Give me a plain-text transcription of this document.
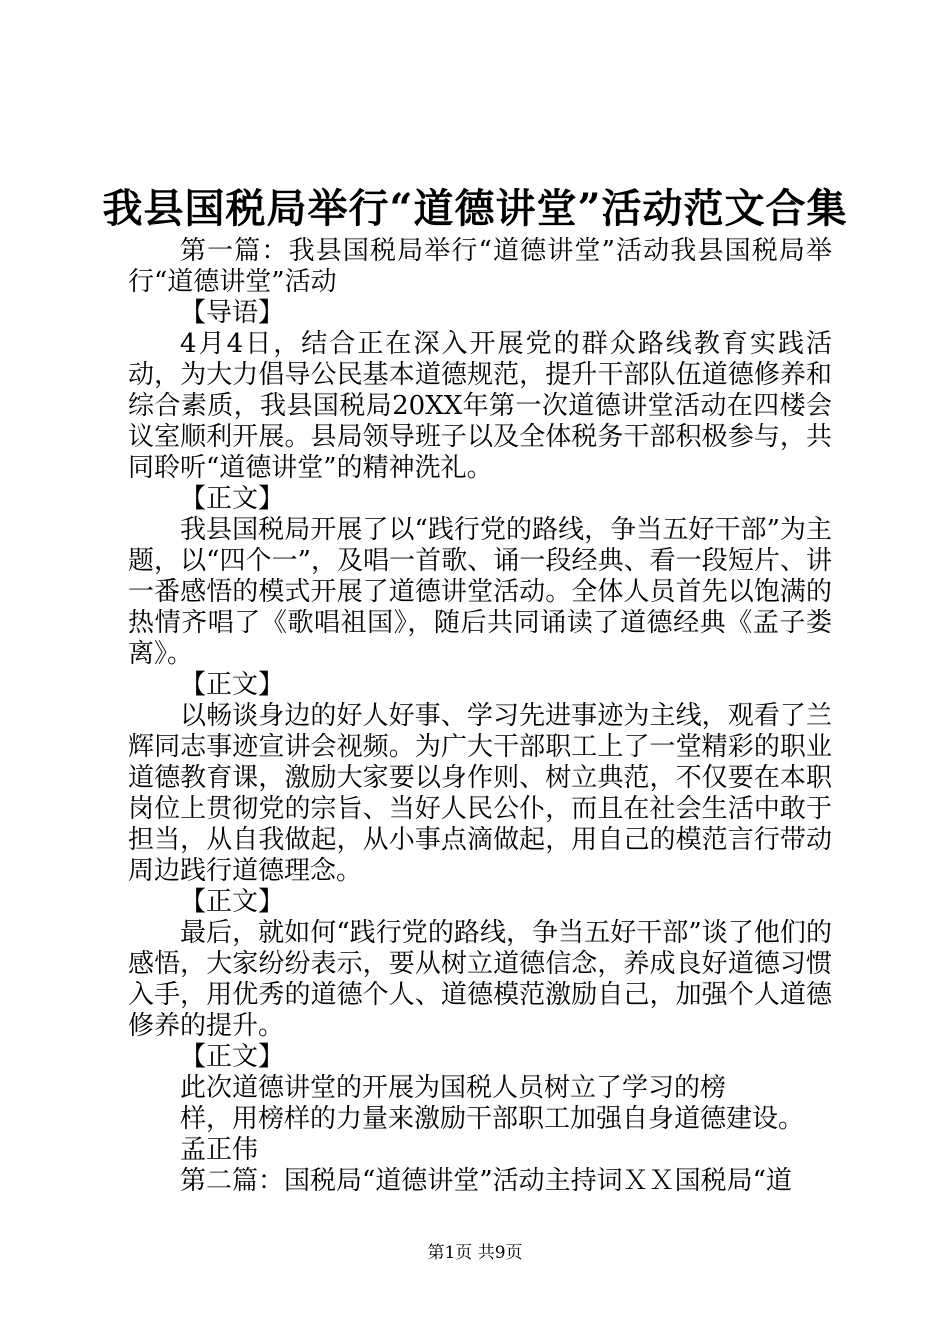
我县国税局举行“道德讲堂”活动范文合集

第一篇：我县国税局举行“道德讲堂”活动我县国税局举行“道德讲堂”活动

【导语】

4月4日，结合正在深入开展党的群众路线教育实践活动，为大力倡导公民基本道德规范，提升干部队伍道德修养和综合素质，我县国税局20XX年第一次道德讲堂活动在四楼会议室顺利开展。县局领导班子以及全体税务干部积极参与，共同聆听“道德讲堂”的精神洗礼。

【正文】

我县国税局开展了以“践行党的路线，争当五好干部”为主题，以“四个一”，及唱一首歌、诵一段经典、看一段短片、讲一番感悟的模式开展了道德讲堂活动。全体人员首先以饱满的热情齐唱了《歌唱祖国》，随后共同诵读了道德经典《孟子娄离》。

【正文】

以畅谈身边的好人好事、学习先进事迹为主线，观看了兰辉同志事迹宣讲会视频。为广大干部职工上了一堂精彩的职业道德教育课，激励大家要以身作则、树立典范，不仅要在本职岗位上贯彻党的宗旨、当好人民公仆，而且在社会生活中敢于担当，从自我做起，从小事点滴做起，用自己的模范言行带动周边践行道德理念。

【正文】

最后，就如何“践行党的路线，争当五好干部”谈了他们的感悟，大家纷纷表示，要从树立道德信念，养成良好道德习惯入手，用优秀的道德个人、道德模范激励自己，加强个人道德修养的提升。

【正文】

此次道德讲堂的开展为国税人员树立了学习的榜

样，用榜样的力量来激励干部职工加强自身道德建设。

孟正伟

第二篇：国税局“道德讲堂”活动主持词ＸＸ国税局“道

第1页 共9页
